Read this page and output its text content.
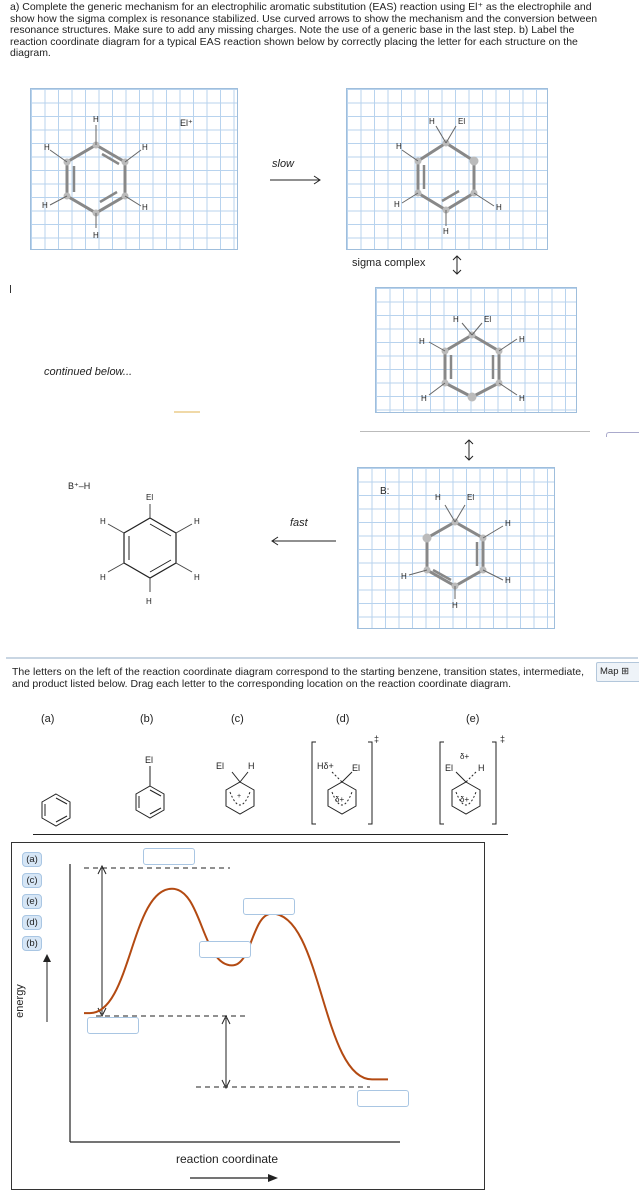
a) Complete the generic mechanism for an electrophilic aromatic substitution (EAS) reaction using El⁺ as the electrophile and show how the sigma complex is resonance stabilized. Use curved arrows to show the mechanism and the conversion between resonance structures. Make sure to add any missing charges. Note the use of a generic base in the last step. b) Label the reaction coordinate diagram for a typical EAS reaction shown below by correctly placing the letter for each structure on the diagram.
H
H
H
H
H
H
El⁺
slow
H	El
H
H
H
H
sigma complex
H	El
H
H
H
H
continued below...
B:
H	El
H
H
H
H
fast
B⁺–H
El
H
H
H
H
H
The letters on the left of the reaction coordinate diagram correspond to the starting benzene, transition states, intermediate, and product listed below. Drag each letter to the corresponding location on the reaction coordinate diagram.
Map ⊞
(a)	(b)	(c)	(d)	(e)
El
El	H
+
Hδ+ El
δ+
‡
El
δ+
H
δ+
‡
(a)
(c)
(e)
(d)
(b)
energy
reaction coordinate
